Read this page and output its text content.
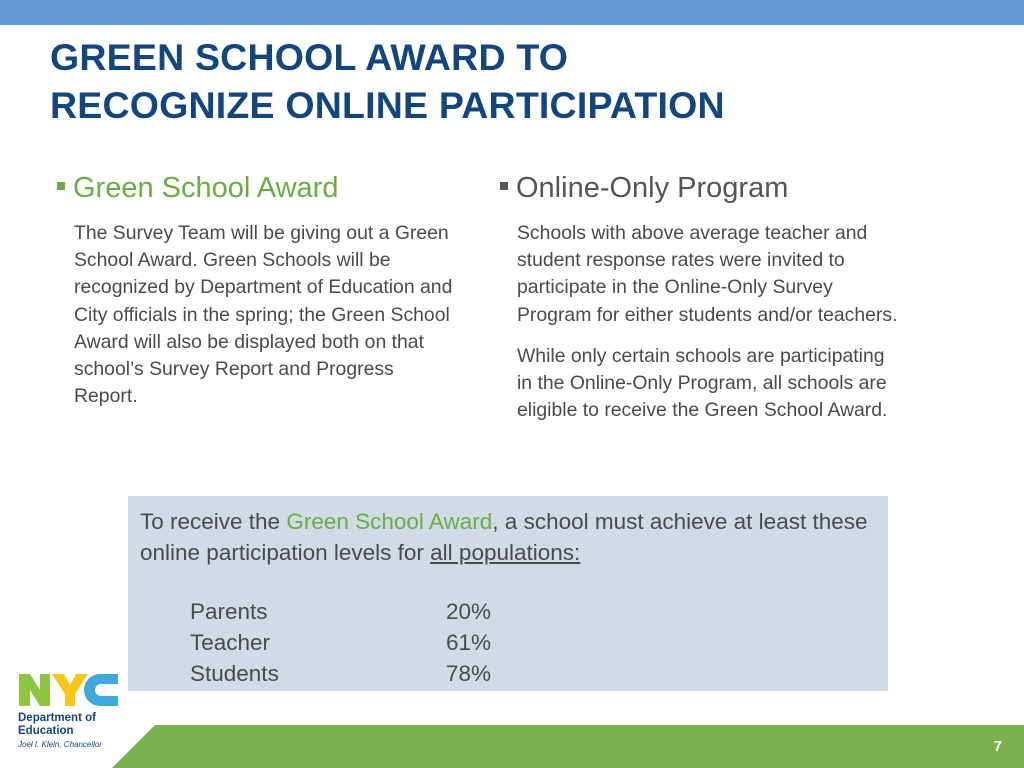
GREEN SCHOOL AWARD TO
RECOGNIZE ONLINE PARTICIPATION
Green School Award

The Survey Team will be giving out a Green School Award. Green Schools will be recognized by Department of Education and City officials in the spring; the Green School Award will also be displayed both on that school’s Survey Report and Progress Report.

Online-Only Program

Schools with above average teacher and student response rates were invited to participate in the Online-Only Survey Program for either students and/or teachers.

While only certain schools are participating in the Online-Only Program, all schools are eligible to receive the Green School Award.

To receive the Green School Award, a school must achieve at least these online participation levels for all populations:

Parents	20%
Teacher	61%
Students	78%
Department of
Education
Joel I. Klein, Chancellor	7
